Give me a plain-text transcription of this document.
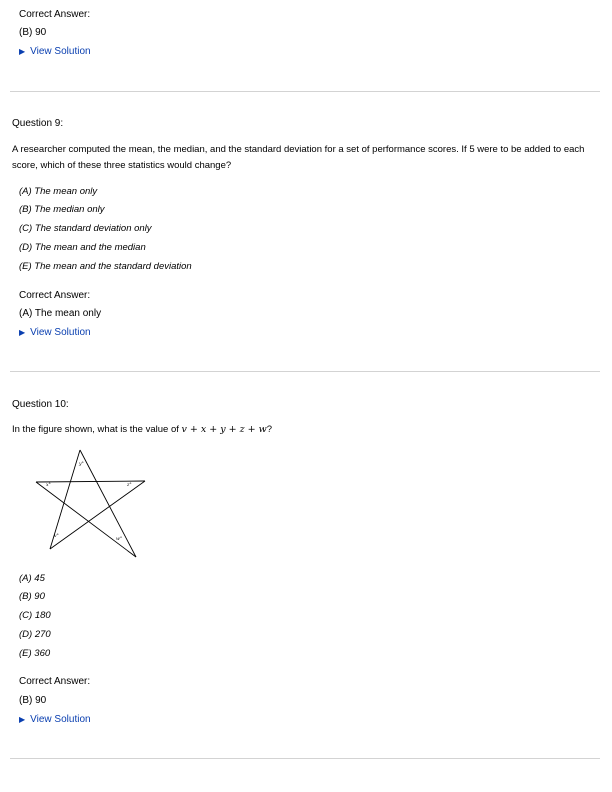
Correct Answer:
(B) 90
▶ View Solution
Question 9:
A researcher computed the mean, the median, and the standard deviation for a set of performance scores. If 5 were to be added to each score, which of these three statistics would change?
(A) The mean only
(B) The median only
(C) The standard deviation only
(D) The mean and the median
(E) The mean and the standard deviation
Correct Answer:
(A) The mean only
▶ View Solution
Question 10:
In the figure shown, what is the value of v + x + y + z + w?
x°
y°
z°
v°
w°
(A) 45
(B) 90
(C) 180
(D) 270
(E) 360
Correct Answer:
(B) 90
▶ View Solution
